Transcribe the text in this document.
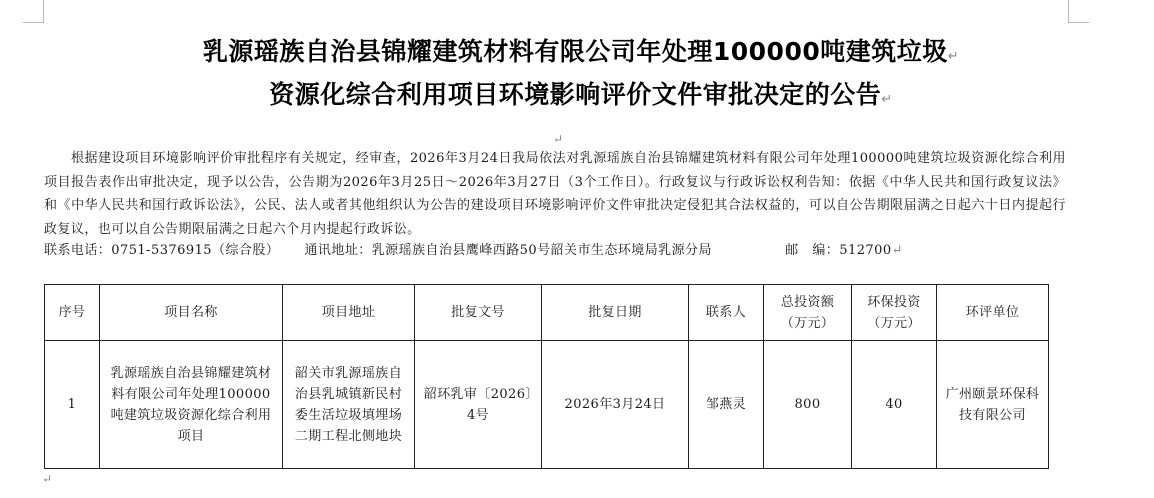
乳源瑶族自治县锦耀建筑材料有限公司年处理100000吨建筑垃圾↵
资源化综合利用项目环境影响评价文件审批决定的公告↵
↵

根据建设项目环境影响评价审批程序有关规定，经审查，2026年3月24日我局依法对乳源瑶族自治县锦耀建筑材料有限公司年处理100000吨建筑垃圾资源化综合利用项目报告表作出审批决定，现予以公告，公告期为2026年3月25日～2026年3月27日（3个工作日）。行政复议与行政诉讼权利告知：依据《中华人民共和国行政复议法》和《中华人民共和国行政诉讼法》，公民、法人或者其他组织认为公告的建设项目环境影响评价文件审批决定侵犯其合法权益的，可以自公告期限届满之日起六十日内提起行政复议，也可以自公告期限届满之日起六个月内提起行政诉讼。

联系电话：0751-5376915（综合股） 通讯地址：乳源瑶族自治县鹰峰西路50号韶关市生态环境局乳源分局	邮   编：512700↵
序号	项目名称	项目地址	批复文号	批复日期	联系人	总投资额（万元）	环保投资（万元）	环评单位
1	乳源瑶族自治县锦耀建筑材料有限公司年处理100000吨建筑垃圾资源化综合利用项目	韶关市乳源瑶族自治县乳城镇新民村委生活垃圾填埋场二期工程北侧地块	韶环乳审〔2026〕4号	2026年3月24日	邹燕灵	800	40	广州颐景环保科技有限公司
↵
